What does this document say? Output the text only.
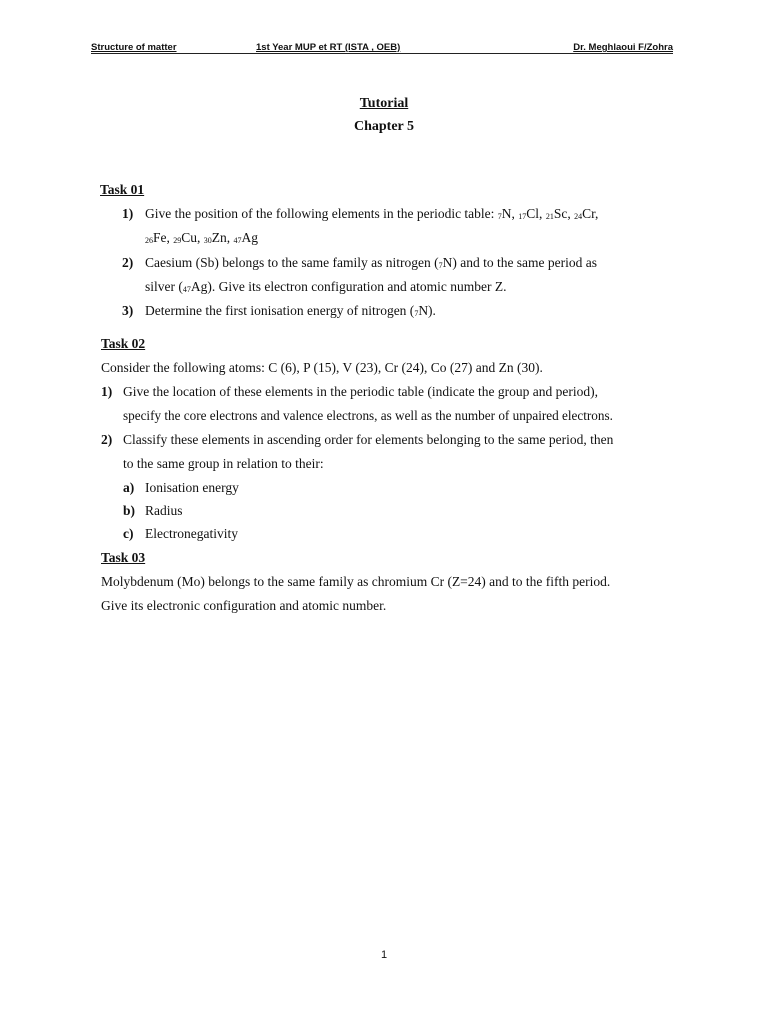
Structure of matter	1st Year MUP et RT (ISTA , OEB)	Dr. Meghlaoui F/Zohra
Tutorial
Chapter 5
Task 01
1) Give the position of the following elements in the periodic table: $_7$N, $_{17}$Cl, $_{21}$Sc, $_{24}$Cr,
$_{26}$Fe, $_{29}$Cu, $_{30}$Zn, $_{47}$Ag
2) Caesium (Sb) belongs to the same family as nitrogen $(_7N)$ and to the same period as
silver $(_{47}Ag)$. Give its electron configuration and atomic number Z.
3) Determine the first ionisation energy of nitrogen $(_7N)$.
Task 02
Consider the following atoms: C (6), P (15), V (23), Cr (24), Co (27) and Zn (30).
1) Give the location of these elements in the periodic table (indicate the group and period),
specify the core electrons and valence electrons, as well as the number of unpaired electrons.
2) Classify these elements in ascending order for elements belonging to the same period, then
to the same group in relation to their:
a) Ionisation energy
b) Radius
c) Electronegativity
Task 03
Molybdenum (Mo) belongs to the same family as chromium Cr (Z=24) and to the fifth period.
Give its electronic configuration and atomic number.
1
